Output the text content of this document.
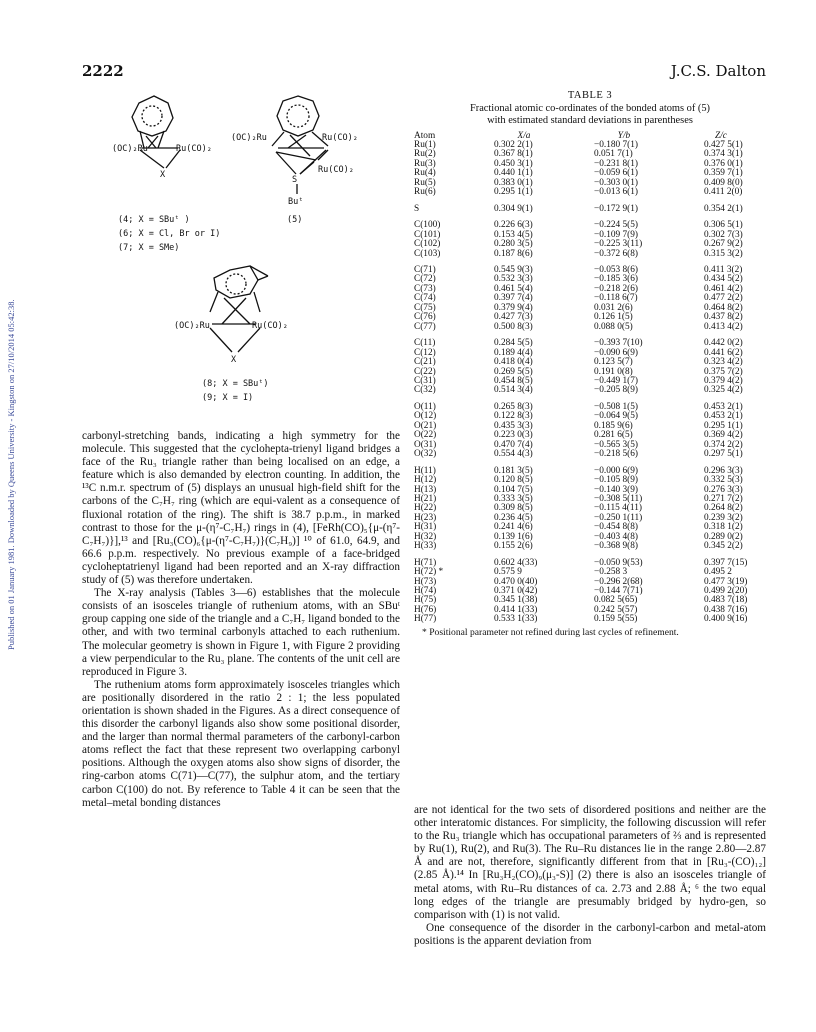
2222	J.C.S. Dalton
Published on 01 January 1981. Downloaded by Queens University - Kingston on 27/10/2014 05:42:38.
(OC)₂Ru	Ru(CO)₂
X
(OC)₂Ru	Ru(CO)₂
Ru(CO)₂
S
Buᵗ
(4; X = SBuᵗ )
(6; X = Cl, Br or I)
(7; X = SMe)
(5)
(OC)₂Ru	Ru(CO)₂
X
(8; X = SBuᵗ)
(9; X = I)
TABLE 3
Fractional atomic co-ordinates of the bonded atoms of (5)
with estimated standard deviations in parentheses
Atom	X/a	Y/b	Z/c
Ru(1)	0.302 2(1)	−0.180 7(1)	0.427 5(1)
Ru(2)	0.367 8(1)	0.051 7(1)	0.374 3(1)
Ru(3)	0.450 3(1)	−0.231 8(1)	0.376 0(1)
Ru(4)	0.440 1(1)	−0.059 6(1)	0.359 7(1)
Ru(5)	0.383 0(1)	−0.303 0(1)	0.409 8(0)
Ru(6)	0.295 1(1)	−0.013 6(1)	0.411 2(0)

S	0.304 9(1)	−0.172 9(1)	0.354 2(1)

C(100)	0.226 6(3)	−0.224 5(5)	0.306 5(1)
C(101)	0.153 4(5)	−0.109 7(9)	0.302 7(3)
C(102)	0.280 3(5)	−0.225 3(11)	0.267 9(2)
C(103)	0.187 8(6)	−0.372 6(8)	0.315 3(2)

C(71)	0.545 9(3)	−0.053 8(6)	0.411 3(2)
C(72)	0.532 3(3)	−0.185 3(6)	0.434 5(2)
C(73)	0.461 5(4)	−0.218 2(6)	0.461 4(2)
C(74)	0.397 7(4)	−0.118 6(7)	0.477 2(2)
C(75)	0.379 9(4)	0.031 2(6)	0.464 8(2)
C(76)	0.427 7(3)	0.126 1(5)	0.437 8(2)
C(77)	0.500 8(3)	0.088 0(5)	0.413 4(2)

C(11)	0.284 5(5)	−0.393 7(10)	0.442 0(2)
C(12)	0.189 4(4)	−0.090 6(9)	0.441 6(2)
C(21)	0.418 0(4)	0.123 5(7)	0.323 4(2)
C(22)	0.269 5(5)	0.191 0(8)	0.375 7(2)
C(31)	0.454 8(5)	−0.449 1(7)	0.379 4(2)
C(32)	0.514 3(4)	−0.205 8(9)	0.325 4(2)

O(11)	0.265 8(3)	−0.508 1(5)	0.453 2(1)
O(12)	0.122 8(3)	−0.064 9(5)	0.453 2(1)
O(21)	0.435 3(3)	0.185 9(6)	0.295 1(1)
O(22)	0.223 0(3)	0.281 6(5)	0.369 4(2)
O(31)	0.470 7(4)	−0.565 3(5)	0.374 2(2)
O(32)	0.554 4(3)	−0.218 5(6)	0.297 5(1)

H(11)	0.181 3(5)	−0.000 6(9)	0.296 3(3)
H(12)	0.120 8(5)	−0.105 8(9)	0.332 5(3)
H(13)	0.104 7(5)	−0.140 3(9)	0.276 3(3)
H(21)	0.333 3(5)	−0.308 5(11)	0.271 7(2)
H(22)	0.309 8(5)	−0.115 4(11)	0.264 8(2)
H(23)	0.236 4(5)	−0.250 1(11)	0.239 3(2)
H(31)	0.241 4(6)	−0.454 8(8)	0.318 1(2)
H(32)	0.139 1(6)	−0.403 4(8)	0.289 0(2)
H(33)	0.155 2(6)	−0.368 9(8)	0.345 2(2)

H(71)	0.602 4(33)	−0.050 9(53)	0.397 7(15)
H(72) *	0.575 9	−0.258 3	0.495 2
H(73)	0.470 0(40)	−0.296 2(68)	0.477 3(19)
H(74)	0.371 0(42)	−0.144 7(71)	0.499 2(20)
H(75)	0.345 1(38)	0.082 5(65)	0.483 7(18)
H(76)	0.414 1(33)	0.242 5(57)	0.438 7(16)
H(77)	0.533 1(33)	0.159 5(55)	0.400 9(16)
* Positional parameter not refined during last cycles of refinement.

carbonyl-stretching bands, indicating a high symmetry for the molecule. This suggested that the cyclohepta-trienyl ligand bridges a face of the Ru₃ triangle rather than being localised on an edge, a feature which is also demanded by electron counting. In addition, the ¹³C n.m.r. spectrum of (5) displays an unusual high-field shift for the carbons of the C₇H₇ ring (which are equi-valent as a consequence of fluxional rotation of the ring). The shift is 38.7 p.p.m., in marked contrast to those for the μ-(η⁷-C₇H₇) rings in (4), [FeRh(CO)₅{μ-(η⁷-C₇H₇)}],¹³ and [Ru₃(CO)₆{μ-(η⁷-C₇H₇)}(C₇H₉)] ¹⁰ of 61.0, 64.9, and 66.6 p.p.m. respectively. No previous example of a face-bridged cycloheptatrienyl ligand had been reported and an X-ray diffraction study of (5) was therefore undertaken.

The X-ray analysis (Tables 3—6) establishes that the molecule consists of an isosceles triangle of ruthenium atoms, with an SBuᵗ group capping one side of the triangle and a C₇H₇ ligand bonded to the other, and with two terminal carbonyls attached to each ruthenium. The molecular geometry is shown in Figure 1, with Figure 2 providing a view perpendicular to the Ru₃ plane. The contents of the unit cell are reproduced in Figure 3.

The ruthenium atoms form approximately isosceles triangles which are positionally disordered in the ratio 2 : 1; the less populated orientation is shown shaded in the Figures. As a direct consequence of this disorder the carbonyl ligands also show some positional disorder, and the larger than normal thermal parameters of the carbonyl-carbon atoms reflect the fact that these represent two overlapping carbonyl positions. Although the oxygen atoms also show signs of disorder, the ring-carbon atoms C(71)—C(77), the sulphur atom, and the tertiary carbon C(100) do not. By reference to Table 4 it can be seen that the metal–metal bonding distances

are not identical for the two sets of disordered positions and neither are the other interatomic distances. For simplicity, the following discussion will refer to the Ru₃ triangle which has occupational parameters of ⅔ and is represented by Ru(1), Ru(2), and Ru(3). The Ru–Ru distances lie in the range 2.80—2.87 Å and are not, therefore, significantly different from that in [Ru₃-(CO)₁₂] (2.85 Å).¹⁴ In [Ru₃H₂(CO)₉(μ₃-S)] (2) there is also an isosceles triangle of metal atoms, with Ru–Ru distances of ca. 2.73 and 2.88 Å; ⁶ the two equal long edges of the triangle are presumably bridged by hydro-gen, so comparison with (1) is not valid.

One consequence of the disorder in the carbonyl-carbon and metal-atom positions is the apparent deviation from
